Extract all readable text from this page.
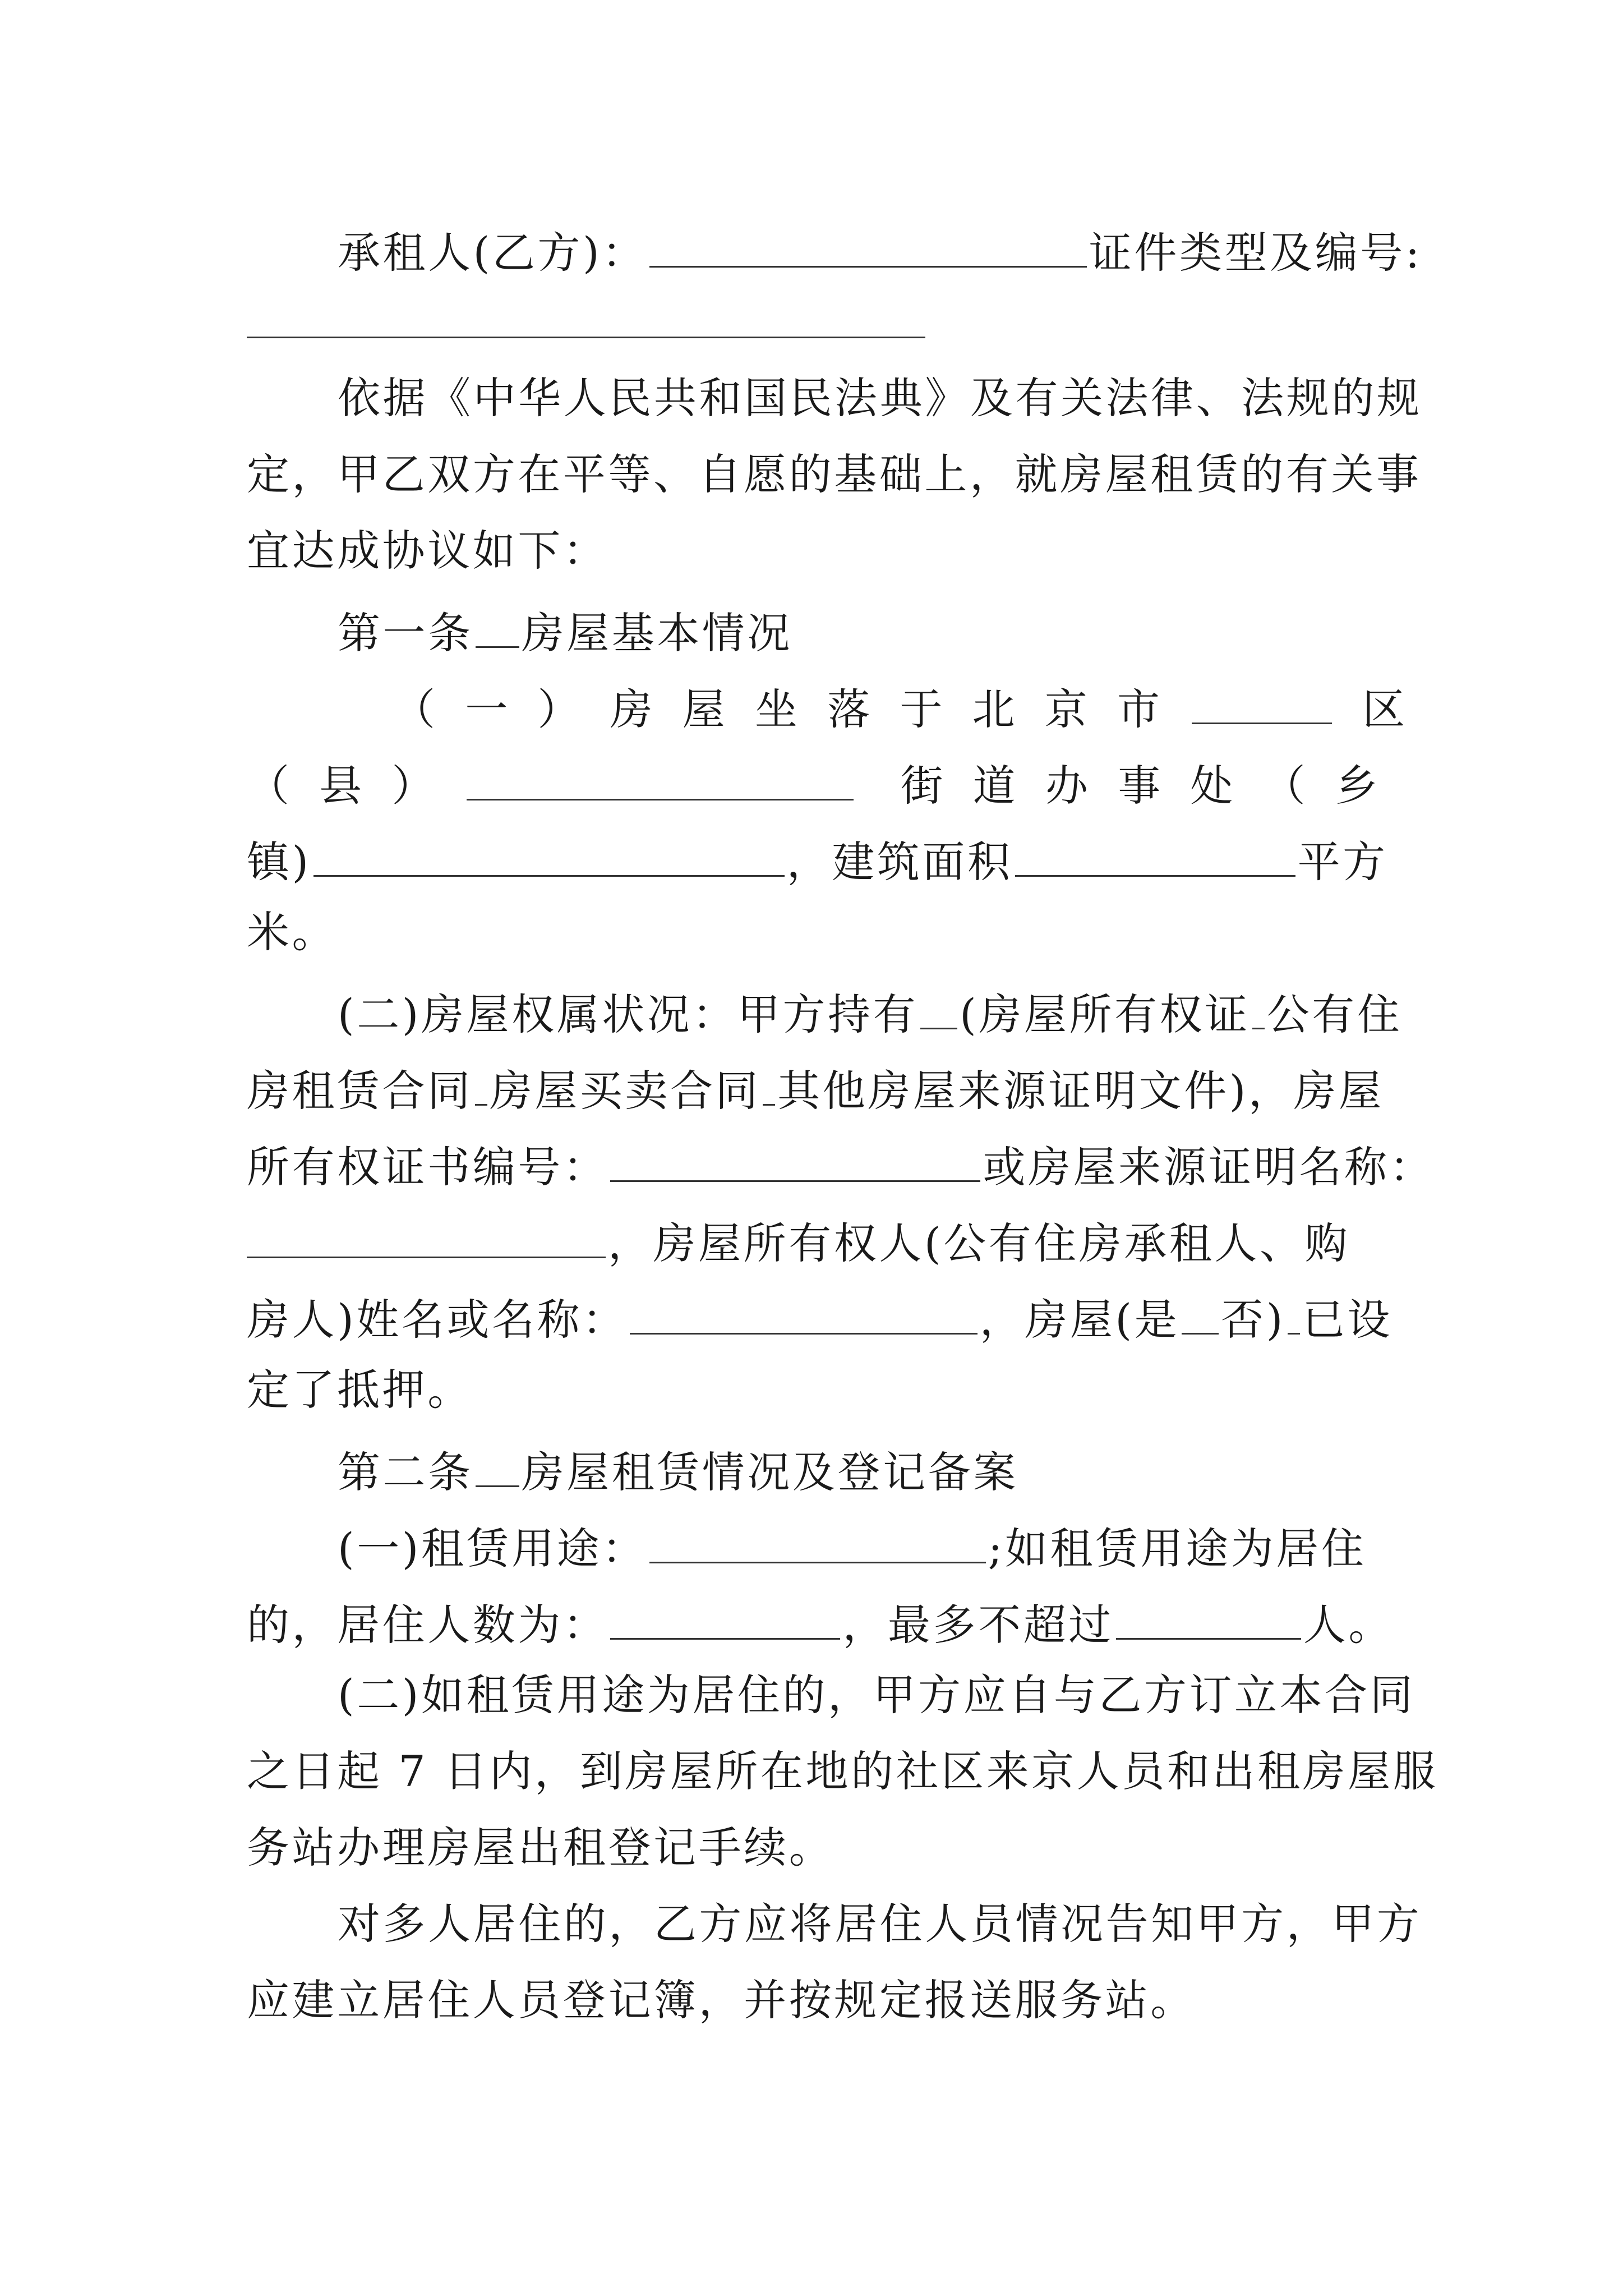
承租人(乙方)：	证件类型及编号:
依据《中华人民共和国民法典》及有关法律、法规的规
定，甲乙双方在平等、自愿的基础上，就房屋租赁的有关事
宜达成协议如下：
第一条 房屋基本情况
（一）房屋坐落于北京市	区
（县）	街道办事处（乡
镇)	，建筑面积	平方
米。
(二)房屋权属状况：甲方持有 (房屋所有权证 公有住
房租赁合同 房屋买卖合同 其他房屋来源证明文件)，房屋
所有权证书编号：	或房屋来源证明名称：
，房屋所有权人(公有住房承租人、购
房人)姓名或名称：	，房屋(是 否) 已设
定了抵押。
第二条 房屋租赁情况及登记备案
(一)租赁用途：	;如租赁用途为居住
的，居住人数为：	，最多不超过	人。
(二)如租赁用途为居住的，甲方应自与乙方订立本合同
之日起 7 日内，到房屋所在地的社区来京人员和出租房屋服
务站办理房屋出租登记手续。
对多人居住的，乙方应将居住人员情况告知甲方，甲方
应建立居住人员登记簿，并按规定报送服务站。
